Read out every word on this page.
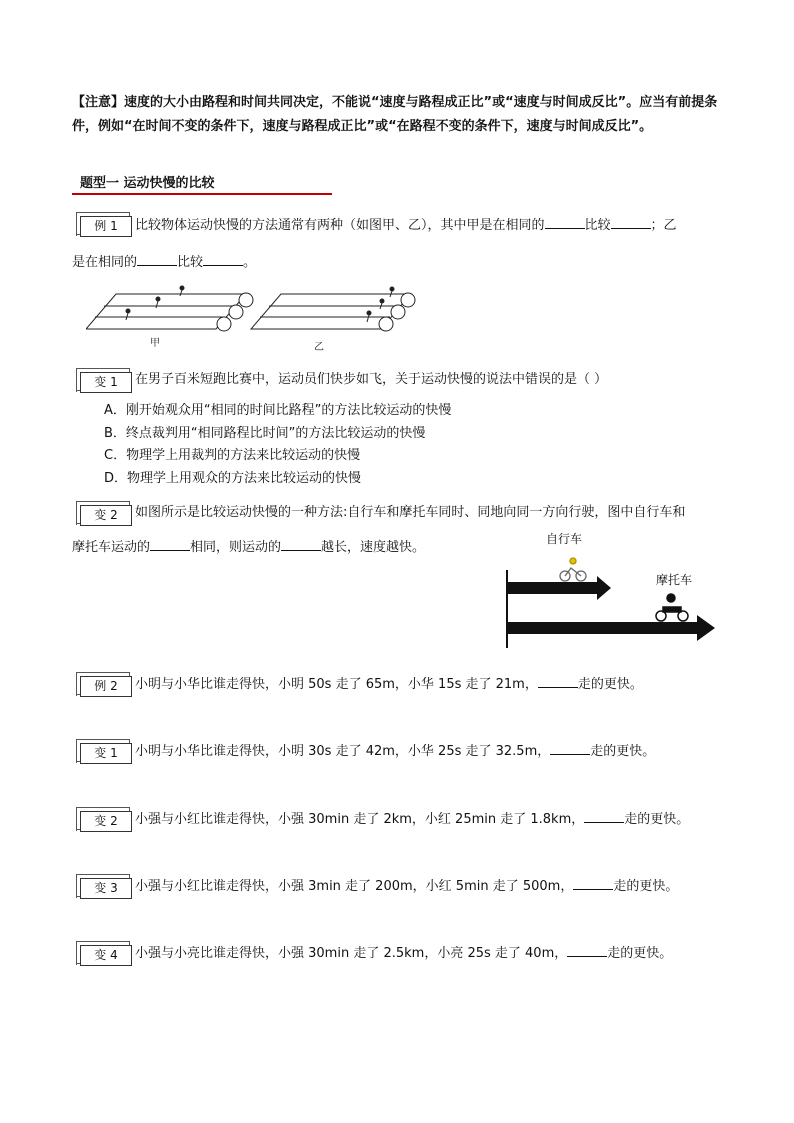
【注意】速度的大小由路程和时间共同决定，不能说“速度与路程成正比”或“速度与时间成反比”。应当有前提条件，例如“在时间不变的条件下，速度与路程成正比”或“在路程不变的条件下，速度与时间成反比”。
题型一 运动快慢的比较
例 1	比较物体运动快慢的方法通常有两种（如图甲、乙），其中甲是在相同的	比较	；乙
是在相同的	比较	。
甲	乙
变 1	在男子百米短跑比赛中，运动员们快步如飞，关于运动快慢的说法中错误的是（ ）
A．刚开始观众用“相同的时间比路程”的方法比较运动的快慢
B．终点裁判用“相同路程比时间”的方法比较运动的快慢
C．物理学上用裁判的方法来比较运动的快慢
D．物理学上用观众的方法来比较运动的快慢
变 2	如图所示是比较运动快慢的一种方法:自行车和摩托车同时、同地向同一方向行驶，图中自行车和
摩托车运动的	相同，则运动的	越长，速度越快。
自行车
摩托车
例 2	小明与小华比谁走得快，小明 50s 走了 65m，小华 15s 走了 21m，	走的更快。
变 1	小明与小华比谁走得快，小明 30s 走了 42m，小华 25s 走了 32.5m，	走的更快。
变 2	小强与小红比谁走得快，小强 30min 走了 2km，小红 25min 走了 1.8km，	走的更快。
变 3	小强与小红比谁走得快，小强 3min 走了 200m，小红 5min 走了 500m，	走的更快。
变 4	小强与小亮比谁走得快，小强 30min 走了 2.5km，小亮 25s 走了 40m，	走的更快。
